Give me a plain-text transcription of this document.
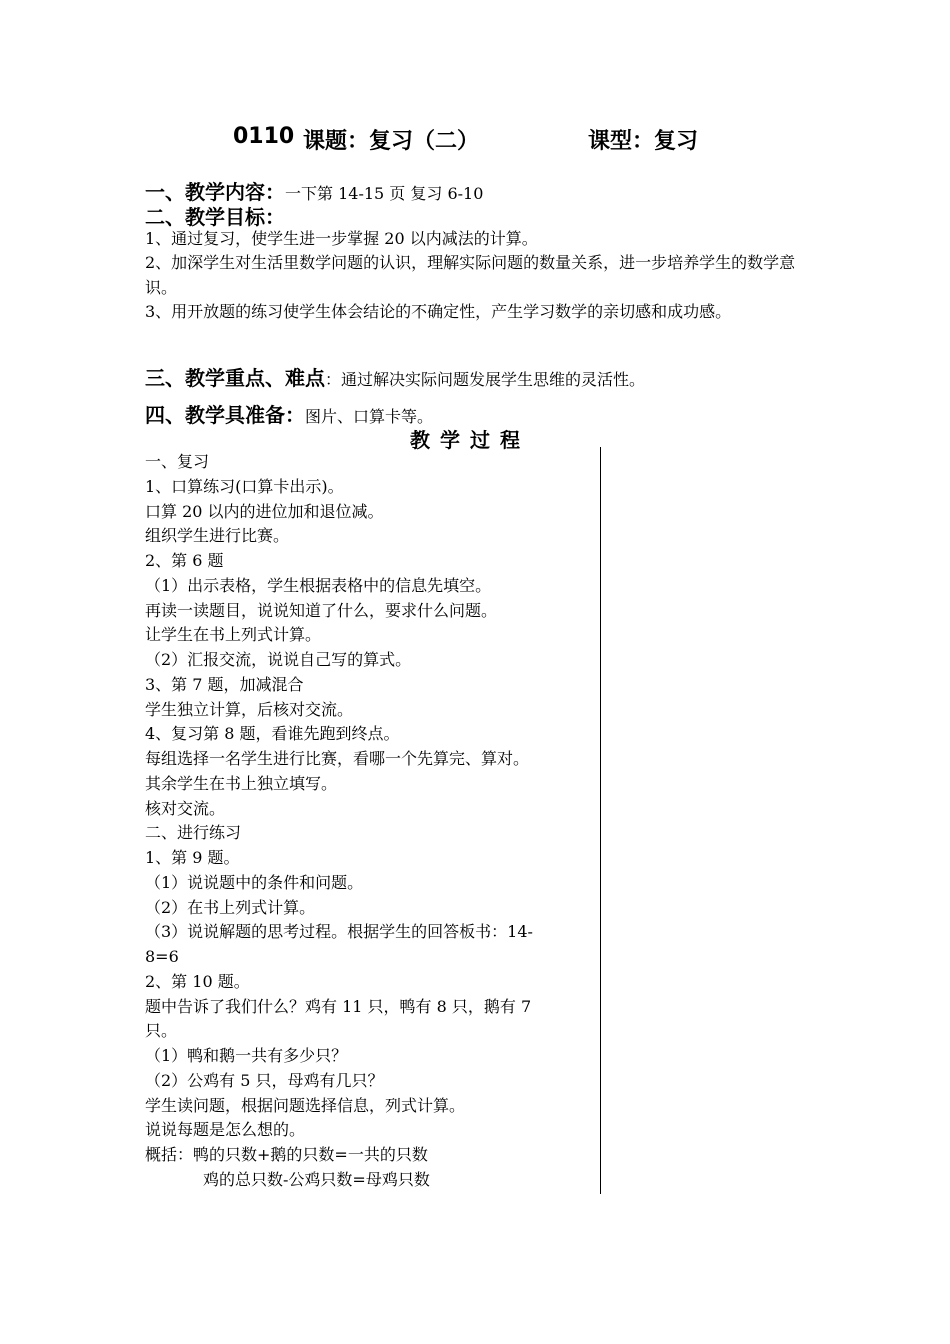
0110 课题：复习（二）	课型：复习
一、教学内容：一下第 14-15 页 复习 6-10
二、教学目标：
1、通过复习，使学生进一步掌握 20 以内减法的计算。
2、加深学生对生活里数学问题的认识，理解实际问题的数量关系，进一步培养学生的数学意识。
3、用开放题的练习使学生体会结论的不确定性，产生学习数学的亲切感和成功感。
三、教学重点、难点：通过解决实际问题发展学生思维的灵活性。
四、教学具准备：图片、口算卡等。
教学过程
一、复习
1、口算练习(口算卡出示)。
口算 20 以内的进位加和退位减。
组织学生进行比赛。
2、第 6 题
（1）出示表格，学生根据表格中的信息先填空。
再读一读题目，说说知道了什么，要求什么问题。
让学生在书上列式计算。
（2）汇报交流，说说自己写的算式。
3、第 7 题，加减混合
学生独立计算，后核对交流。
4、复习第 8 题，看谁先跑到终点。
每组选择一名学生进行比赛，看哪一个先算完、算对。
其余学生在书上独立填写。
核对交流。
二、进行练习
1、第 9 题。
（1）说说题中的条件和问题。
（2）在书上列式计算。
（3）说说解题的思考过程。根据学生的回答板书：14-
8=6
2、第 10 题。
题中告诉了我们什么？鸡有 11 只，鸭有 8 只，鹅有 7
只。
（1）鸭和鹅一共有多少只？
（2）公鸡有 5 只，母鸡有几只？
学生读问题，根据问题选择信息，列式计算。
说说每题是怎么想的。
概括：鸭的只数+鹅的只数=一共的只数
鸡的总只数-公鸡只数=母鸡只数
